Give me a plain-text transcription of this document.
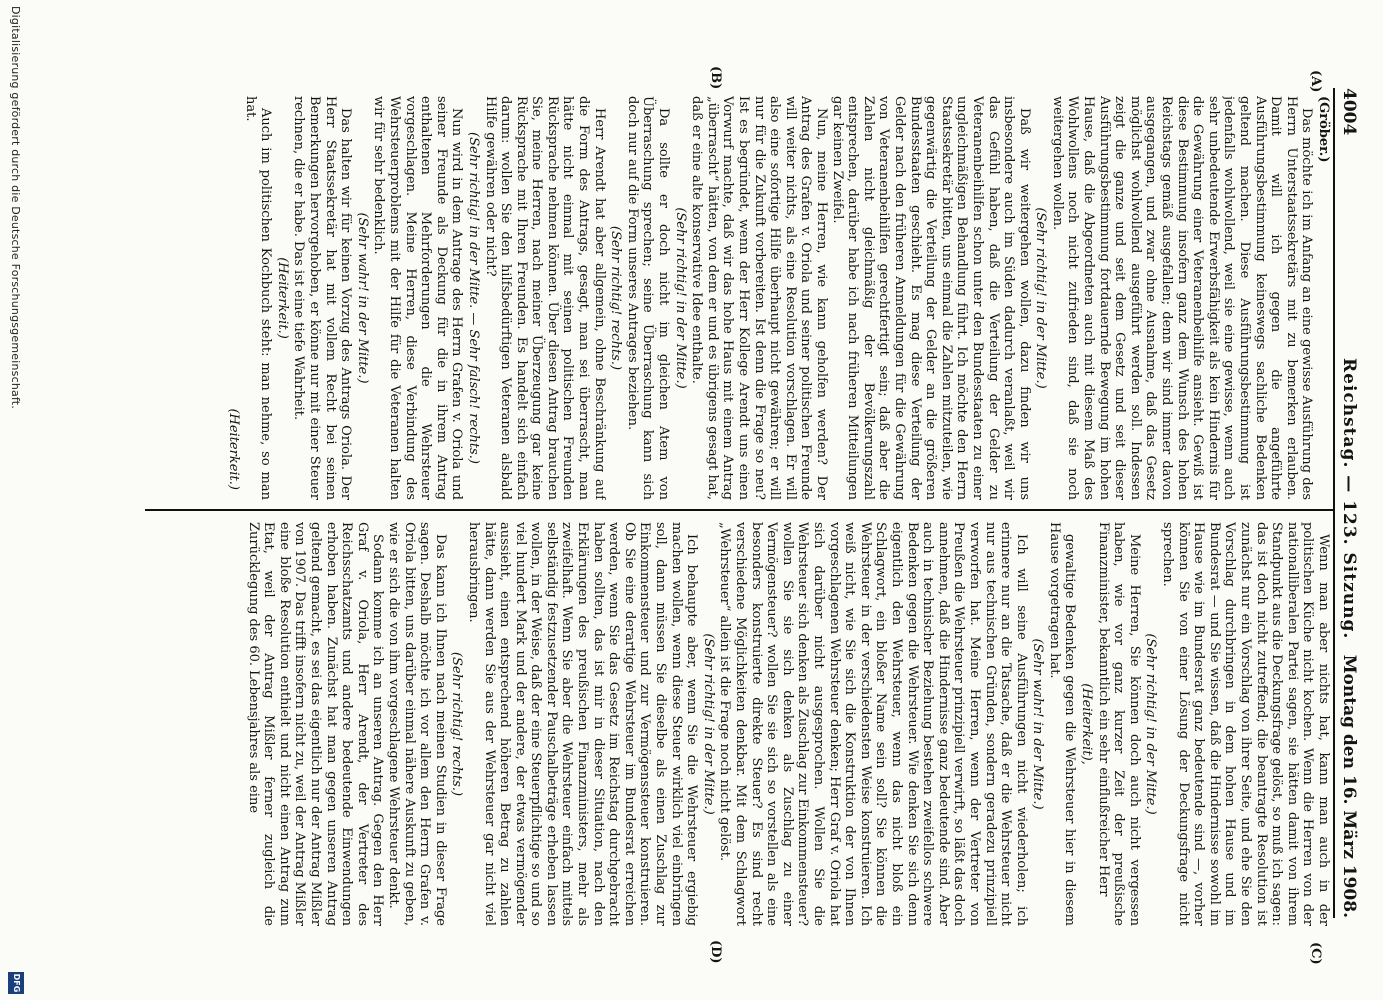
4004
Reichstag. — 123. Sitzung.
Montag den 16. März 1908.
(A)
(B)
(C)
(D)

(Gröber.)

Das möchte ich im Anfang an eine gewisse Ausführung des Herrn Unterstaatssekretärs mit zu bemerken erlauben. Damit will ich gegen die angeführte Ausführungsbestimmung keineswegs sachliche Bedenken geltend machen. Diese Ausführungsbestimmung ist jedenfalls wohlwollend, weil sie eine gewisse, wenn auch sehr unbedeutende Erwerbsfähigkeit als kein Hindernis für die Gewährung einer Veteranenbeihilfe ansieht. Gewiß ist diese Bestimmung insofern ganz dem Wunsch des hohen Reichstags gemäß ausgefallen; denn wir sind immer davon ausgegangen, und zwar ohne Ausnahme, daß das Gesetz möglichst wohlwollend ausgeführt werden soll. Indessen zeigt die ganze und seit dem Gesetz und seit dieser Ausführungsbestimmung fortdauernde Bewegung im hohen Hause, daß die Abgeordneten auch mit diesem Maß des Wohlwollens noch nicht zufrieden sind, daß sie noch weitergehen wollen.

(Sehr richtig! in der Mitte.)

Daß wir weitergehen wollen, dazu finden wir uns insbesondere auch im Süden dadurch veranlaßt, weil wir das Gefühl haben, daß die Verteilung der Gelder zu Veteranenbeihilfen schon unter den Bundesstaaten zu einer ungleichmäßigen Behandlung führt. Ich möchte den Herrn Staatssekretär bitten, uns einmal die Zahlen mitzuteilen, wie gegenwärtig die Verteilung der Gelder an die größeren Bundesstaaten geschieht. Es mag diese Verteilung der Gelder nach den früheren Anmeldungen für die Gewährung von Veteranenbeihilfen gerechtfertigt sein; daß aber die Zahlen nicht gleichmäßig der Bevölkerungszahl entsprechen, darüber habe ich nach früheren Mitteilungen gar keinen Zweifel.

Nun, meine Herren, wie kann geholfen werden? Der Antrag des Grafen v. Oriola und seiner politischen Freunde will weiter nichts, als eine Resolution vorschlagen. Er will also eine sofortige Hilfe überhaupt nicht gewähren; er will nur für die Zukunft vorbereiten. Ist denn die Frage so neu? Ist es begründet, wenn der Herr Kollege Arendt uns einen Vorwurf machte, daß wir das hohe Haus mit einem Antrag „überrascht“ hätten, von dem er und es übrigens gesagt hat, daß er eine alte konservative Idee enthalte.

(Sehr richtig! in der Mitte.)

Da sollte er doch nicht im gleichen Atem von Überraschung sprechen; seine Überraschung kann sich doch nur auf die Form unseres Antrages beziehen.

(Sehr richtig! rechts.)

Herr Arendt hat aber allgemein, ohne Beschränkung auf die Form des Antrags, gesagt, man sei überrascht, man hätte nicht einmal mit seinen politischen Freunden Rücksprache nehmen können. Über diesen Antrag brauchen Sie, meine Herren, nach meiner Überzeugung gar keine Rücksprache mit Ihren Freunden. Es handelt sich einfach darum: wollen Sie den hilfsbedürftigen Veteranen alsbald Hilfe gewähren oder nicht?

(Sehr richtig! in der Mitte. — Sehr falsch! rechts.)

Nun wird in dem Antrage des Herrn Grafen v. Oriola und seiner Freunde als Deckung für die in ihrem Antrag enthaltenen Mehrforderungen die Wehrsteuer vorgeschlagen. Meine Herren, diese Verbindung des Wehrsteuerproblems mit der Hilfe für die Veteranen halten wir für sehr bedenklich.

(Sehr wahr! in der Mitte.)

Das halten wir für keinen Vorzug des Antrags Oriola. Der Herr Staatssekretär hat mit vollem Recht bei seinen Bemerkungen hervorgehoben, er könne nur mit einer Steuer rechnen, die er habe. Das ist eine tiefe Wahrheit.

(Heiterkeit.)

Auch im politischen Kochbuch steht: man nehme, so man hat.

(Heiterkeit.)

Wenn man aber nichts hat, kann man auch in der politischen Küche nicht kochen. Wenn die Herren von der nationalliberalen Partei sagen, sie hätten damit von ihrem Standpunkt aus die Deckungsfrage gelöst, so muß ich sagen: das ist doch nicht zutreffend; die beantragte Resolution ist zunächst nur ein Vorschlag von ihrer Seite, und ehe Sie den Vorschlag durchbringen in dem hohen Hause und im Bundesrat — und Sie wissen, daß die Hindernisse sowohl im Hause wie im Bundesrat ganz bedeutende sind —, vorher können Sie von einer Lösung der Deckungsfrage nicht sprechen.

(Sehr richtig! in der Mitte.)

Meine Herren, Sie können doch auch nicht vergessen haben, wie vor ganz kurzer Zeit der preußische Finanzminister, bekanntlich ein sehr einflußreicher Herr

(Heiterkeit),

gewaltige Bedenken gegen die Wehrsteuer hier in diesem Hause vorgetragen hat.

(Sehr wahr! in der Mitte.)

Ich will seine Ausführungen nicht wiederholen; ich erinnere nur an die Tatsache, daß er die Wehrsteuer nicht nur aus technischen Gründen, sondern geradezu prinzipiell verworfen hat. Meine Herren, wenn der Vertreter von Preußen die Wehrsteuer prinzipiell verwirft, so läßt das doch annehmen, daß die Hindernisse ganz bedeutende sind. Aber auch in technischer Beziehung bestehen zweifellos schwere Bedenken gegen die Wehrsteuer. Wie denken Sie sich denn eigentlich den Wehrsteuer, wenn das nicht bloß ein Schlagwort, ein bloßer Name sein soll? Sie können die Wehrsteuer in der verschiedensten Weise konstruieren. Ich weiß nicht, wie Sie sich die Konstruktion der von Ihnen vorgeschlagenen Wehrsteuer denken; Herr Graf v. Oriola hat sich darüber nicht ausgesprochen. Wollen Sie die Wehrsteuer sich denken als Zuschlag zur Einkommensteuer? wollen Sie sie sich denken als Zuschlag zu einer Vermögensteuer? wollen Sie sie sich so vorstellen als eine besonders konstruierte direkte Steuer? Es sind recht verschiedene Möglichkeiten denkbar. Mit dem Schlagwort „Wehrsteuer“ allein ist die Frage noch nicht gelöst.

(Sehr richtig! in der Mitte.)

Ich behaupte aber, wenn Sie die Wehrsteuer ergiebig machen wollen, wenn diese Steuer wirklich viel einbringen soll, dann müssen Sie dieselbe als einen Zuschlag zur Einkommensteuer und zur Vermögenssteuer konstruieren. Ob Sie eine derartige Wehrsteuer im Bundesrat erreichen werden, wenn Sie das Gesetz im Reichstag durchgebracht haben sollten, das ist mir in dieser Situation, nach den Erklärungen des preußischen Finanzministers, mehr als zweifelhaft. Wenn Sie aber die Wehrsteuer einfach mittels selbständig festzusetzender Pauschalbeträge erheben lassen wollen, in der Weise, daß der eine Steuerpflichtige so und so viel hundert Mark und der andere, der etwas vermögender aussieht, einen entsprechend höheren Betrag zu zahlen hätte, dann werden Sie aus der Wehrsteuer gar nicht viel herausbringen.

(Sehr richtig! rechts.)

Das kann ich Ihnen nach meinen Studien in dieser Frage sagen. Deshalb möchte ich vor allem den Herrn Grafen v. Oriola bitten, uns darüber einmal nähere Auskunft zu geben, wie er sich die von ihm vorgeschlagene Wehrsteuer denkt.

Sodann komme ich an unseren Antrag. Gegen den Herr Graf v. Oriola, Herr Arendt, der Vertreter des Reichsschatzamts und andere bedeutende Einwendungen erhoben haben. Zunächst hat man gegen unseren Antrag geltend gemacht, es sei das eigentlich nur der Antrag Mißler von 1907. Das trifft insofern nicht zu, weil der Antrag Mißler eine bloße Resolution enthielt und nicht einen Antrag zum Etat, weil der Antrag Mißler ferner zugleich die Zurücklegung des 60. Lebensjahres als eine

Digitalisierung gefördert durch die Deutsche Forschungsgemeinschaft.
DFG
